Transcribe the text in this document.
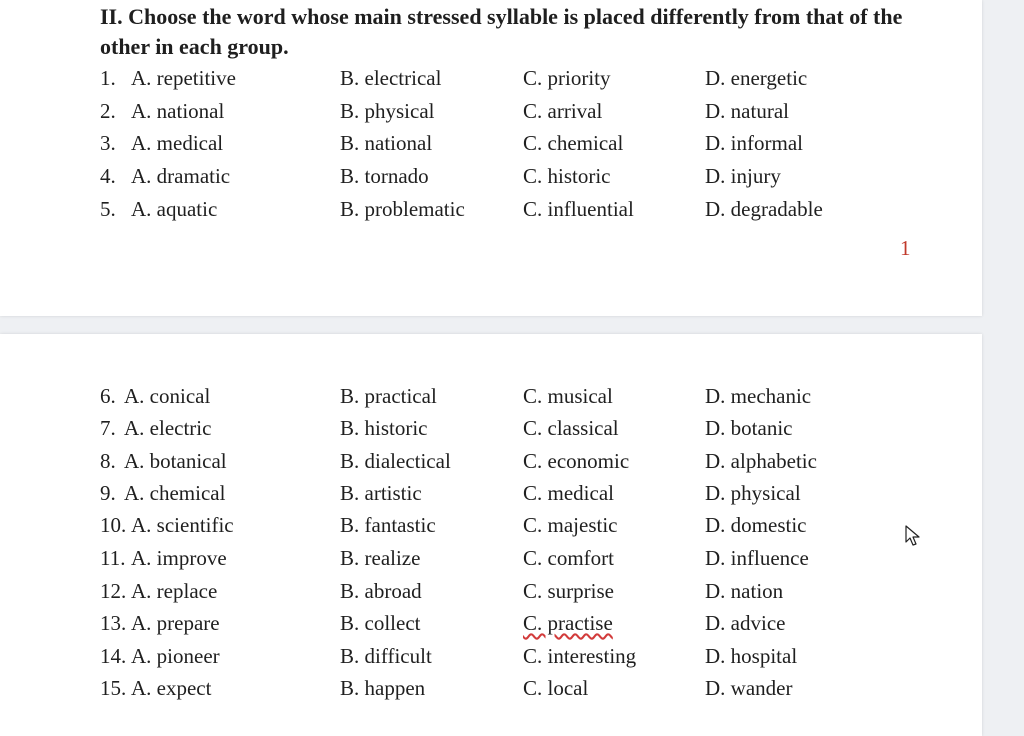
II. Choose the word whose main stressed syllable is placed differently from that of the other in each group.

1. A. repetitive	B. electrical	C. priority	D. energetic
2. A. national	B. physical	C. arrival	D. natural
3. A. medical	B. national	C. chemical	D. informal
4. A. dramatic	B. tornado	C. historic	D. injury
5. A. aquatic	B. problematic	C. influential	D. degradable
1
6. A. conical	B. practical	C. musical	D. mechanic
7. A. electric	B. historic	C. classical	D. botanic
8. A. botanical	B. dialectical	C. economic	D. alphabetic
9. A. chemical	B. artistic	C. medical	D. physical
10. A. scientific	B. fantastic	C. majestic	D. domestic
11. A. improve	B. realize	C. comfort	D. influence
12. A. replace	B. abroad	C. surprise	D. nation
13. A. prepare	B. collect	C. practise	D. advice
14. A. pioneer	B. difficult	C. interesting	D. hospital
15. A. expect	B. happen	C. local	D. wander
